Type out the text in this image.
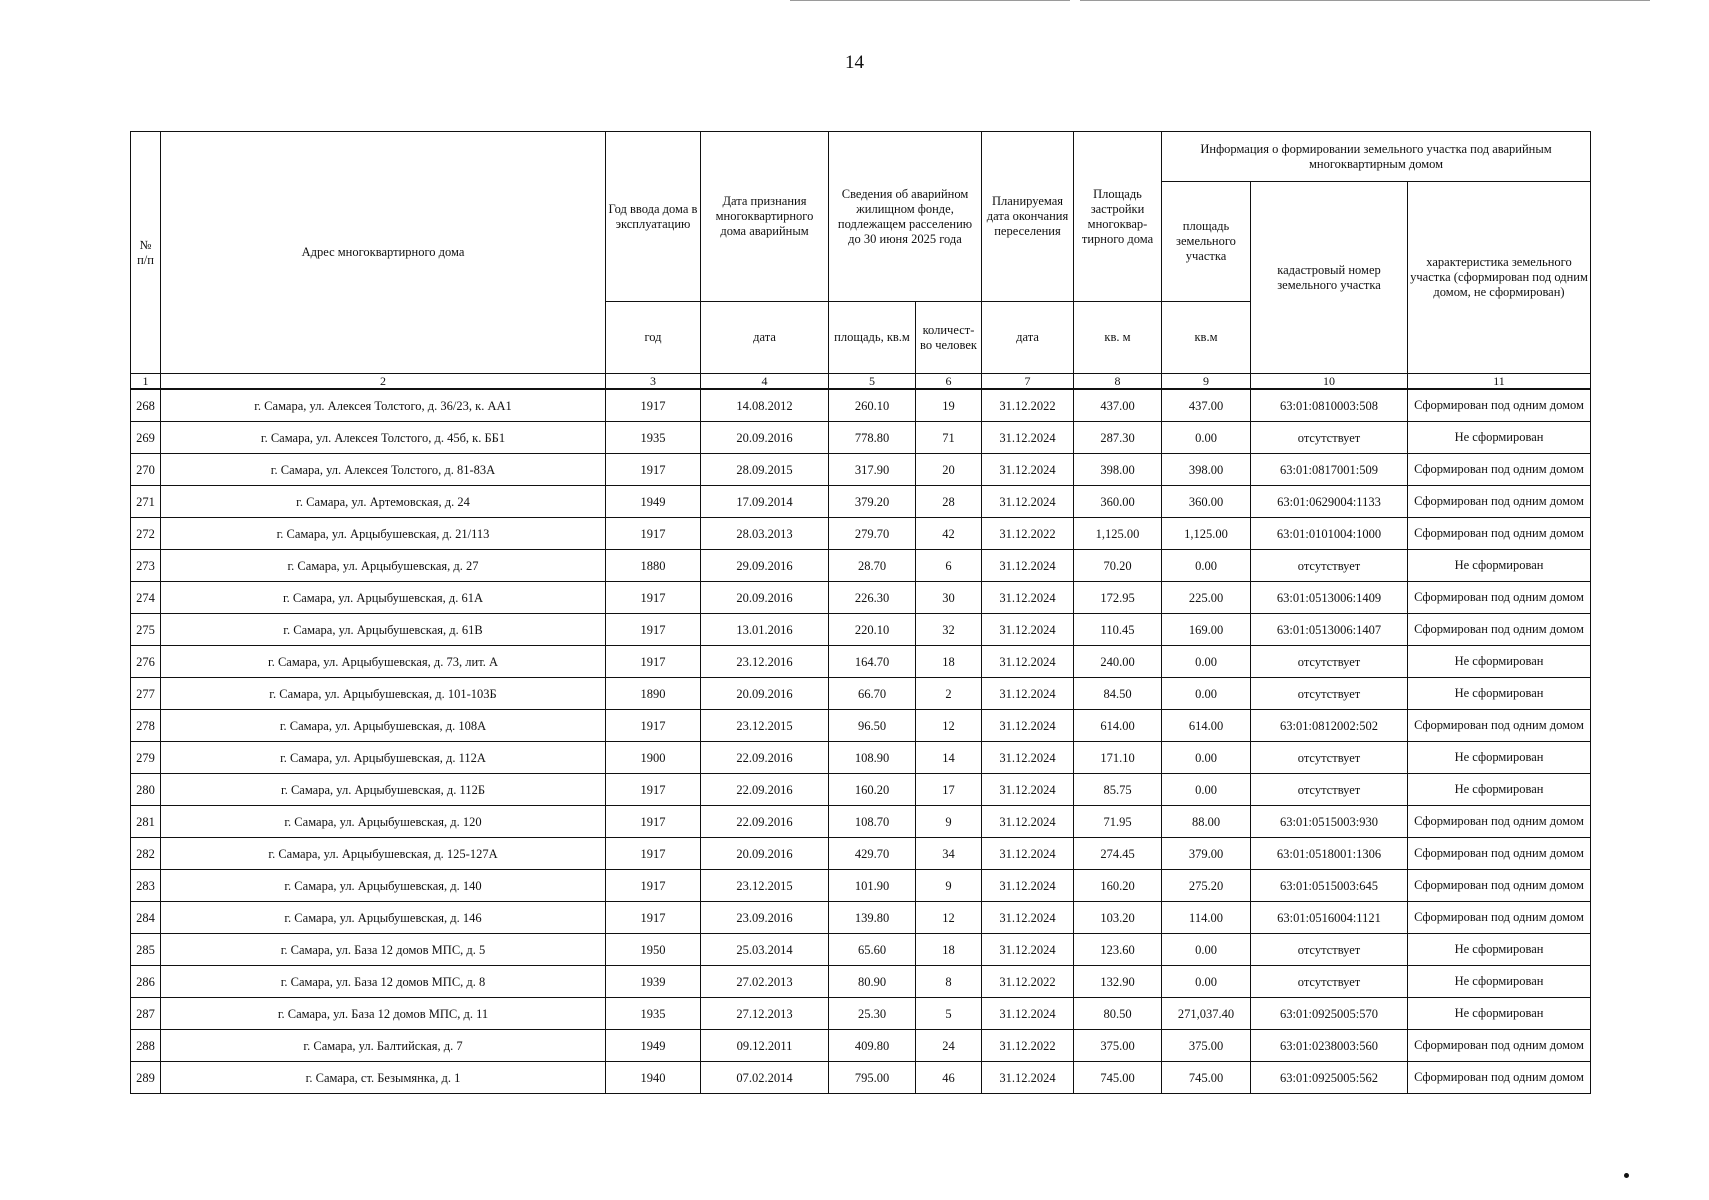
14
№ п/п	Адрес многоквартирного дома	Год ввода дома в эксплуатацию	Дата признания многоквартирного дома аварийным	Сведения об аварийном жилищном фонде, подлежащем расселению до 30 июня 2025 года		Планируемая дата окончания переселения	Площадь застройки многоквар-тирного дома	Информация о формировании земельного участка под аварийным многоквартирным домом		
								площадь земельного участка	кадастровый номер земельного участка	характеристика земельного участка (сформирован под одним домом, не сформирован)
		год	дата	площадь, кв.м	количест-во человек	дата	кв. м	кв.м		
1	2	3	4	5	6	7	8	9	10	11
268	г. Самара, ул. Алексея Толстого, д. 36/23, к. АА1	1917	14.08.2012	260.10	19	31.12.2022	437.00	437.00	63:01:0810003:508	Сформирован под одним домом
269	г. Самара, ул. Алексея Толстого, д. 45б, к. ББ1	1935	20.09.2016	778.80	71	31.12.2024	287.30	0.00	отсутствует	Не сформирован
270	г. Самара, ул. Алексея Толстого, д. 81-83А	1917	28.09.2015	317.90	20	31.12.2024	398.00	398.00	63:01:0817001:509	Сформирован под одним домом
271	г. Самара, ул. Артемовская, д. 24	1949	17.09.2014	379.20	28	31.12.2024	360.00	360.00	63:01:0629004:1133	Сформирован под одним домом
272	г. Самара, ул. Арцыбушевская, д. 21/113	1917	28.03.2013	279.70	42	31.12.2022	1,125.00	1,125.00	63:01:0101004:1000	Сформирован под одним домом
273	г. Самара, ул. Арцыбушевская, д. 27	1880	29.09.2016	28.70	6	31.12.2024	70.20	0.00	отсутствует	Не сформирован
274	г. Самара, ул. Арцыбушевская, д. 61А	1917	20.09.2016	226.30	30	31.12.2024	172.95	225.00	63:01:0513006:1409	Сформирован под одним домом
275	г. Самара, ул. Арцыбушевская, д. 61В	1917	13.01.2016	220.10	32	31.12.2024	110.45	169.00	63:01:0513006:1407	Сформирован под одним домом
276	г. Самара, ул. Арцыбушевская, д. 73, лит. А	1917	23.12.2016	164.70	18	31.12.2024	240.00	0.00	отсутствует	Не сформирован
277	г. Самара, ул. Арцыбушевская, д. 101-103Б	1890	20.09.2016	66.70	2	31.12.2024	84.50	0.00	отсутствует	Не сформирован
278	г. Самара, ул. Арцыбушевская, д. 108А	1917	23.12.2015	96.50	12	31.12.2024	614.00	614.00	63:01:0812002:502	Сформирован под одним домом
279	г. Самара, ул. Арцыбушевская, д. 112А	1900	22.09.2016	108.90	14	31.12.2024	171.10	0.00	отсутствует	Не сформирован
280	г. Самара, ул. Арцыбушевская, д. 112Б	1917	22.09.2016	160.20	17	31.12.2024	85.75	0.00	отсутствует	Не сформирован
281	г. Самара, ул. Арцыбушевская, д. 120	1917	22.09.2016	108.70	9	31.12.2024	71.95	88.00	63:01:0515003:930	Сформирован под одним домом
282	г. Самара, ул. Арцыбушевская, д. 125-127А	1917	20.09.2016	429.70	34	31.12.2024	274.45	379.00	63:01:0518001:1306	Сформирован под одним домом
283	г. Самара, ул. Арцыбушевская, д. 140	1917	23.12.2015	101.90	9	31.12.2024	160.20	275.20	63:01:0515003:645	Сформирован под одним домом
284	г. Самара, ул. Арцыбушевская, д. 146	1917	23.09.2016	139.80	12	31.12.2024	103.20	114.00	63:01:0516004:1121	Сформирован под одним домом
285	г. Самара, ул. База 12 домов МПС, д. 5	1950	25.03.2014	65.60	18	31.12.2024	123.60	0.00	отсутствует	Не сформирован
286	г. Самара, ул. База 12 домов МПС, д. 8	1939	27.02.2013	80.90	8	31.12.2022	132.90	0.00	отсутствует	Не сформирован
287	г. Самара, ул. База 12 домов МПС, д. 11	1935	27.12.2013	25.30	5	31.12.2024	80.50	271,037.40	63:01:0925005:570	Не сформирован
288	г. Самара, ул. Балтийская, д. 7	1949	09.12.2011	409.80	24	31.12.2022	375.00	375.00	63:01:0238003:560	Сформирован под одним домом
289	г. Самара, ст. Безымянка, д. 1	1940	07.02.2014	795.00	46	31.12.2024	745.00	745.00	63:01:0925005:562	Сформирован под одним домом
